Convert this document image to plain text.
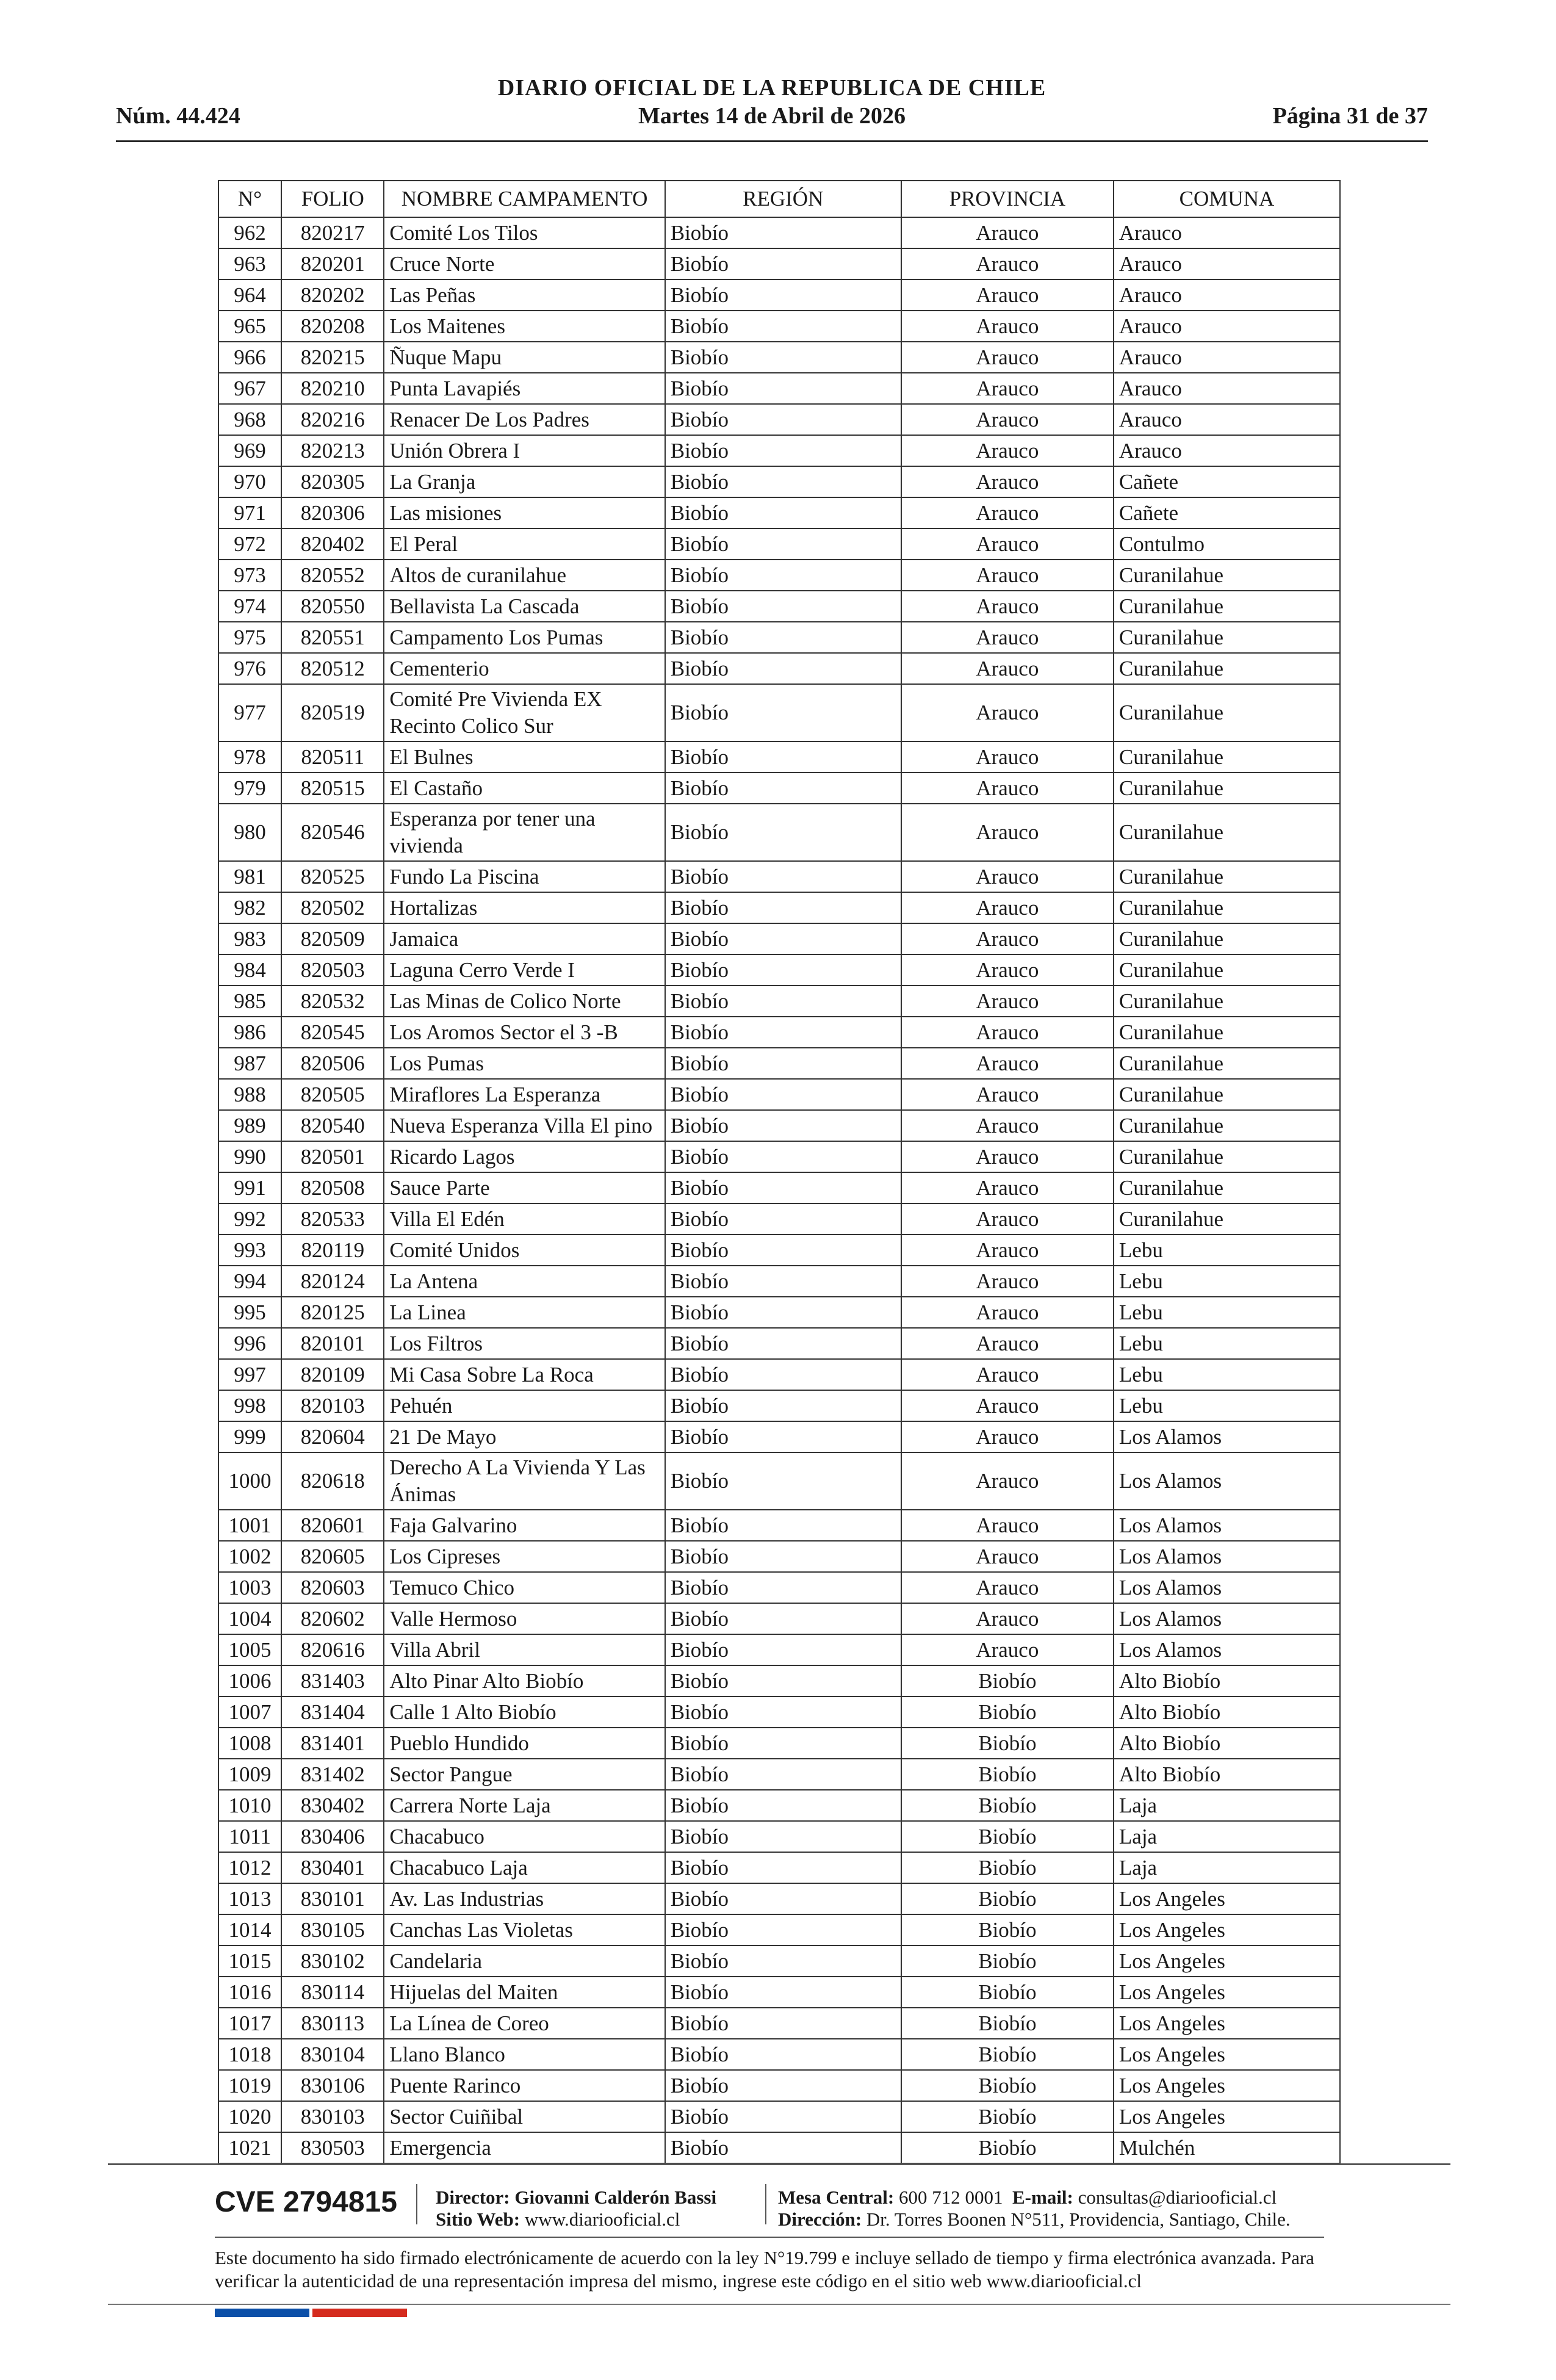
DIARIO OFICIAL DE LA REPUBLICA DE CHILE
Núm. 44.424	Martes 14 de Abril de 2026	Página 31 de 37
N°	FOLIO	NOMBRE CAMPAMENTO	REGIÓN	PROVINCIA	COMUNA
962	820217	Comité Los Tilos	Biobío	Arauco	Arauco
963	820201	Cruce Norte	Biobío	Arauco	Arauco
964	820202	Las Peñas	Biobío	Arauco	Arauco
965	820208	Los Maitenes	Biobío	Arauco	Arauco
966	820215	Ñuque Mapu	Biobío	Arauco	Arauco
967	820210	Punta Lavapiés	Biobío	Arauco	Arauco
968	820216	Renacer De Los Padres	Biobío	Arauco	Arauco
969	820213	Unión Obrera I	Biobío	Arauco	Arauco
970	820305	La Granja	Biobío	Arauco	Cañete
971	820306	Las misiones	Biobío	Arauco	Cañete
972	820402	El Peral	Biobío	Arauco	Contulmo
973	820552	Altos de curanilahue	Biobío	Arauco	Curanilahue
974	820550	Bellavista La Cascada	Biobío	Arauco	Curanilahue
975	820551	Campamento Los Pumas	Biobío	Arauco	Curanilahue
976	820512	Cementerio	Biobío	Arauco	Curanilahue
977	820519	Comité Pre Vivienda EX Recinto Colico Sur	Biobío	Arauco	Curanilahue
978	820511	El Bulnes	Biobío	Arauco	Curanilahue
979	820515	El Castaño	Biobío	Arauco	Curanilahue
980	820546	Esperanza por tener una vivienda	Biobío	Arauco	Curanilahue
981	820525	Fundo La Piscina	Biobío	Arauco	Curanilahue
982	820502	Hortalizas	Biobío	Arauco	Curanilahue
983	820509	Jamaica	Biobío	Arauco	Curanilahue
984	820503	Laguna Cerro Verde I	Biobío	Arauco	Curanilahue
985	820532	Las Minas de Colico Norte	Biobío	Arauco	Curanilahue
986	820545	Los Aromos Sector el 3 -B	Biobío	Arauco	Curanilahue
987	820506	Los Pumas	Biobío	Arauco	Curanilahue
988	820505	Miraflores La Esperanza	Biobío	Arauco	Curanilahue
989	820540	Nueva Esperanza Villa El pino	Biobío	Arauco	Curanilahue
990	820501	Ricardo Lagos	Biobío	Arauco	Curanilahue
991	820508	Sauce Parte	Biobío	Arauco	Curanilahue
992	820533	Villa El Edén	Biobío	Arauco	Curanilahue
993	820119	Comité Unidos	Biobío	Arauco	Lebu
994	820124	La Antena	Biobío	Arauco	Lebu
995	820125	La Linea	Biobío	Arauco	Lebu
996	820101	Los Filtros	Biobío	Arauco	Lebu
997	820109	Mi Casa Sobre La Roca	Biobío	Arauco	Lebu
998	820103	Pehuén	Biobío	Arauco	Lebu
999	820604	21 De Mayo	Biobío	Arauco	Los Alamos
1000	820618	Derecho A La Vivienda Y Las Ánimas	Biobío	Arauco	Los Alamos
1001	820601	Faja Galvarino	Biobío	Arauco	Los Alamos
1002	820605	Los Cipreses	Biobío	Arauco	Los Alamos
1003	820603	Temuco Chico	Biobío	Arauco	Los Alamos
1004	820602	Valle Hermoso	Biobío	Arauco	Los Alamos
1005	820616	Villa Abril	Biobío	Arauco	Los Alamos
1006	831403	Alto Pinar Alto Biobío	Biobío	Biobío	Alto Biobío
1007	831404	Calle 1 Alto Biobío	Biobío	Biobío	Alto Biobío
1008	831401	Pueblo Hundido	Biobío	Biobío	Alto Biobío
1009	831402	Sector Pangue	Biobío	Biobío	Alto Biobío
1010	830402	Carrera Norte Laja	Biobío	Biobío	Laja
1011	830406	Chacabuco	Biobío	Biobío	Laja
1012	830401	Chacabuco Laja	Biobío	Biobío	Laja
1013	830101	Av. Las Industrias	Biobío	Biobío	Los Angeles
1014	830105	Canchas Las Violetas	Biobío	Biobío	Los Angeles
1015	830102	Candelaria	Biobío	Biobío	Los Angeles
1016	830114	Hijuelas del Maiten	Biobío	Biobío	Los Angeles
1017	830113	La Línea de Coreo	Biobío	Biobío	Los Angeles
1018	830104	Llano Blanco	Biobío	Biobío	Los Angeles
1019	830106	Puente Rarinco	Biobío	Biobío	Los Angeles
1020	830103	Sector Cuiñibal	Biobío	Biobío	Los Angeles
1021	830503	Emergencia	Biobío	Biobío	Mulchén
CVE 2794815 Director: Giovanni Calderón Bassi
Sitio Web: www.diariooficial.cl
Mesa Central: 600 712 0001 E-mail: consultas@diariooficial.cl
Dirección: Dr. Torres Boonen N°511, Providencia, Santiago, Chile.
Este documento ha sido firmado electrónicamente de acuerdo con la ley N°19.799 e incluye sellado de tiempo y firma electrónica avanzada. Para verificar la autenticidad de una representación impresa del mismo, ingrese este código en el sitio web www.diariooficial.cl
